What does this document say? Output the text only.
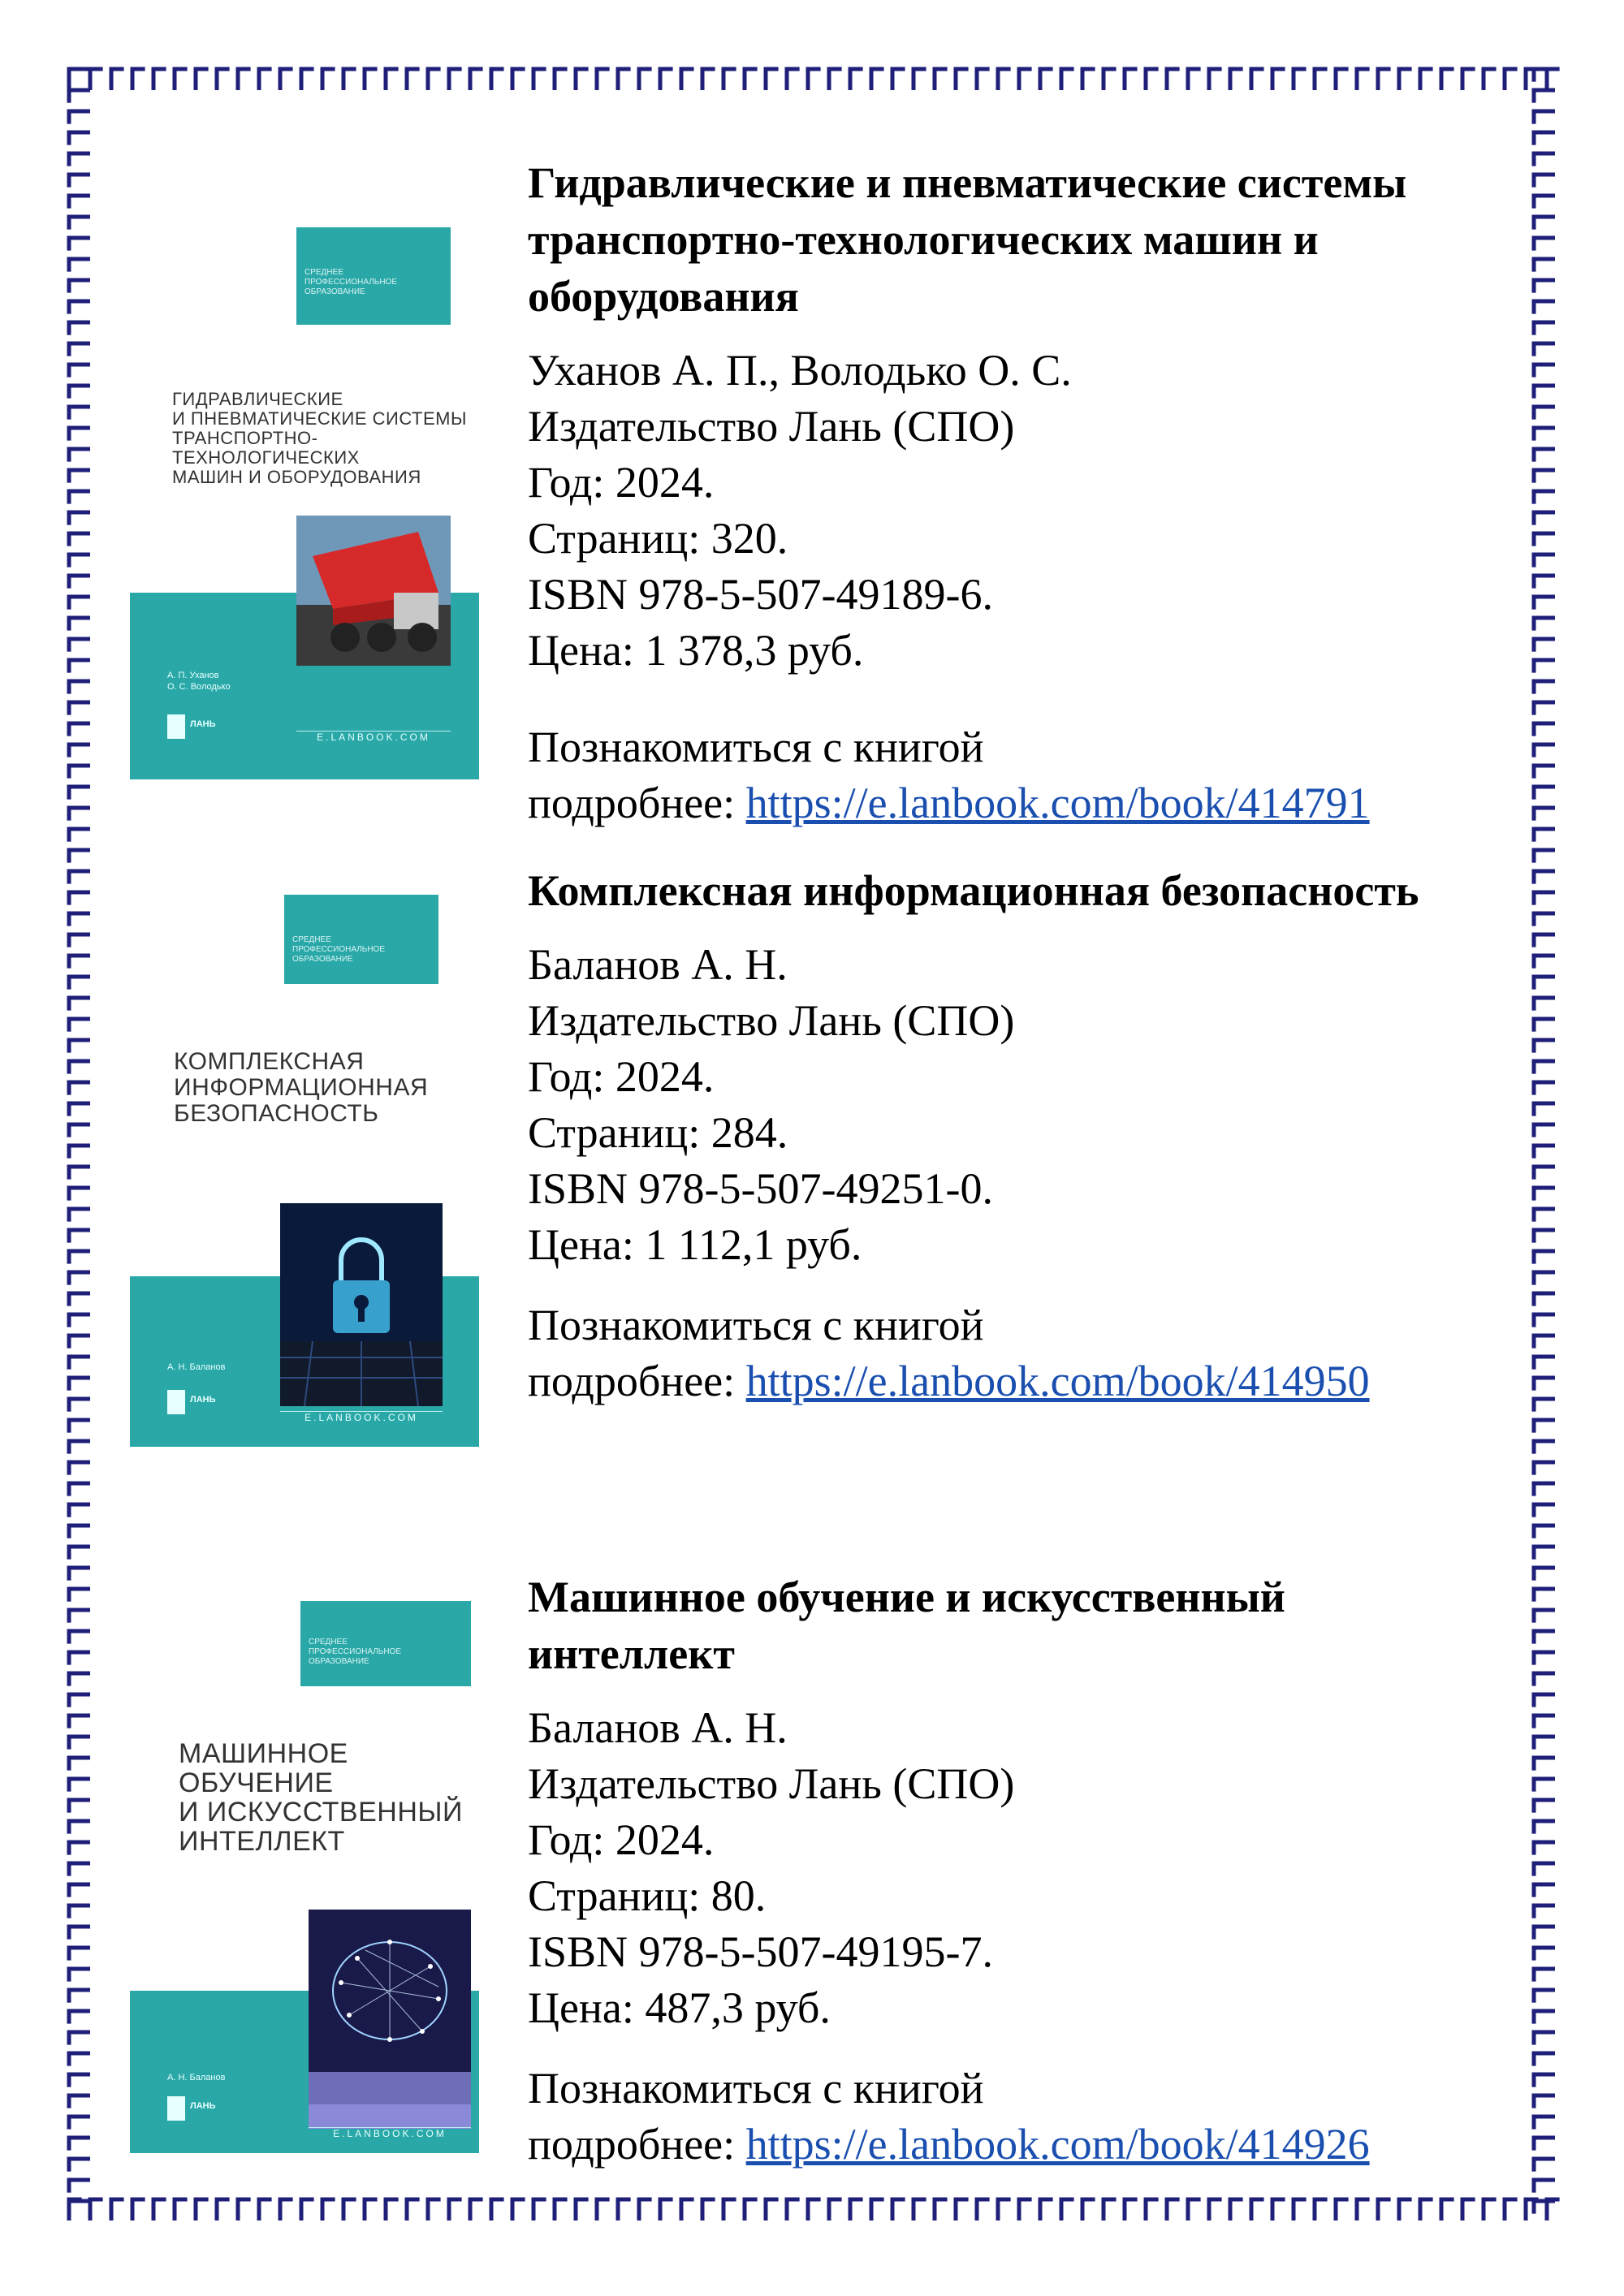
СРЕДНЕЕ
ПРОФЕССИОНАЛЬНОЕ
ОБРАЗОВАНИЕ
ГИДРАВЛИЧЕСКИЕ
И ПНЕВМАТИЧЕСКИЕ СИСТЕМЫ
ТРАНСПОРТНО-ТЕХНОЛОГИЧЕСКИХ
МАШИН И ОБОРУДОВАНИЯ
А. П. Уханов
О. С. Володько
ЛАНЬ
E.LANBOOK.COM

Гидравлические и пневматические системы транспортно-технологических машин и оборудования

Уханов А. П., Володько О. С.

Издательство Лань (СПО)

Год: 2024.

Страниц: 320.

ISBN 978-5-507-49189-6.

Цена: 1 378,3 руб.

Познакомиться с книгой

подробнее: https://e.lanbook.com/book/414791

СРЕДНЕЕ
ПРОФЕССИОНАЛЬНОЕ
ОБРАЗОВАНИЕ
КОМПЛЕКСНАЯ
ИНФОРМАЦИОННАЯ
БЕЗОПАСНОСТЬ
А. Н. Баланов
ЛАНЬ
E.LANBOOK.COM

Комплексная информационная безопасность

Баланов А. Н.

Издательство Лань (СПО)

Год: 2024.

Страниц: 284.

ISBN 978-5-507-49251-0.

Цена: 1 112,1 руб.

Познакомиться с книгой

подробнее: https://e.lanbook.com/book/414950

СРЕДНЕЕ
ПРОФЕССИОНАЛЬНОЕ
ОБРАЗОВАНИЕ
МАШИННОЕ
ОБУЧЕНИЕ
И ИСКУССТВЕННЫЙ
ИНТЕЛЛЕКТ
А. Н. Баланов
ЛАНЬ
E.LANBOOK.COM

Машинное обучение и искусственный интеллект

Баланов А. Н.

Издательство Лань (СПО)

Год: 2024.

Страниц: 80.

ISBN 978-5-507-49195-7.

Цена: 487,3 руб.

Познакомиться с книгой

подробнее: https://e.lanbook.com/book/414926
